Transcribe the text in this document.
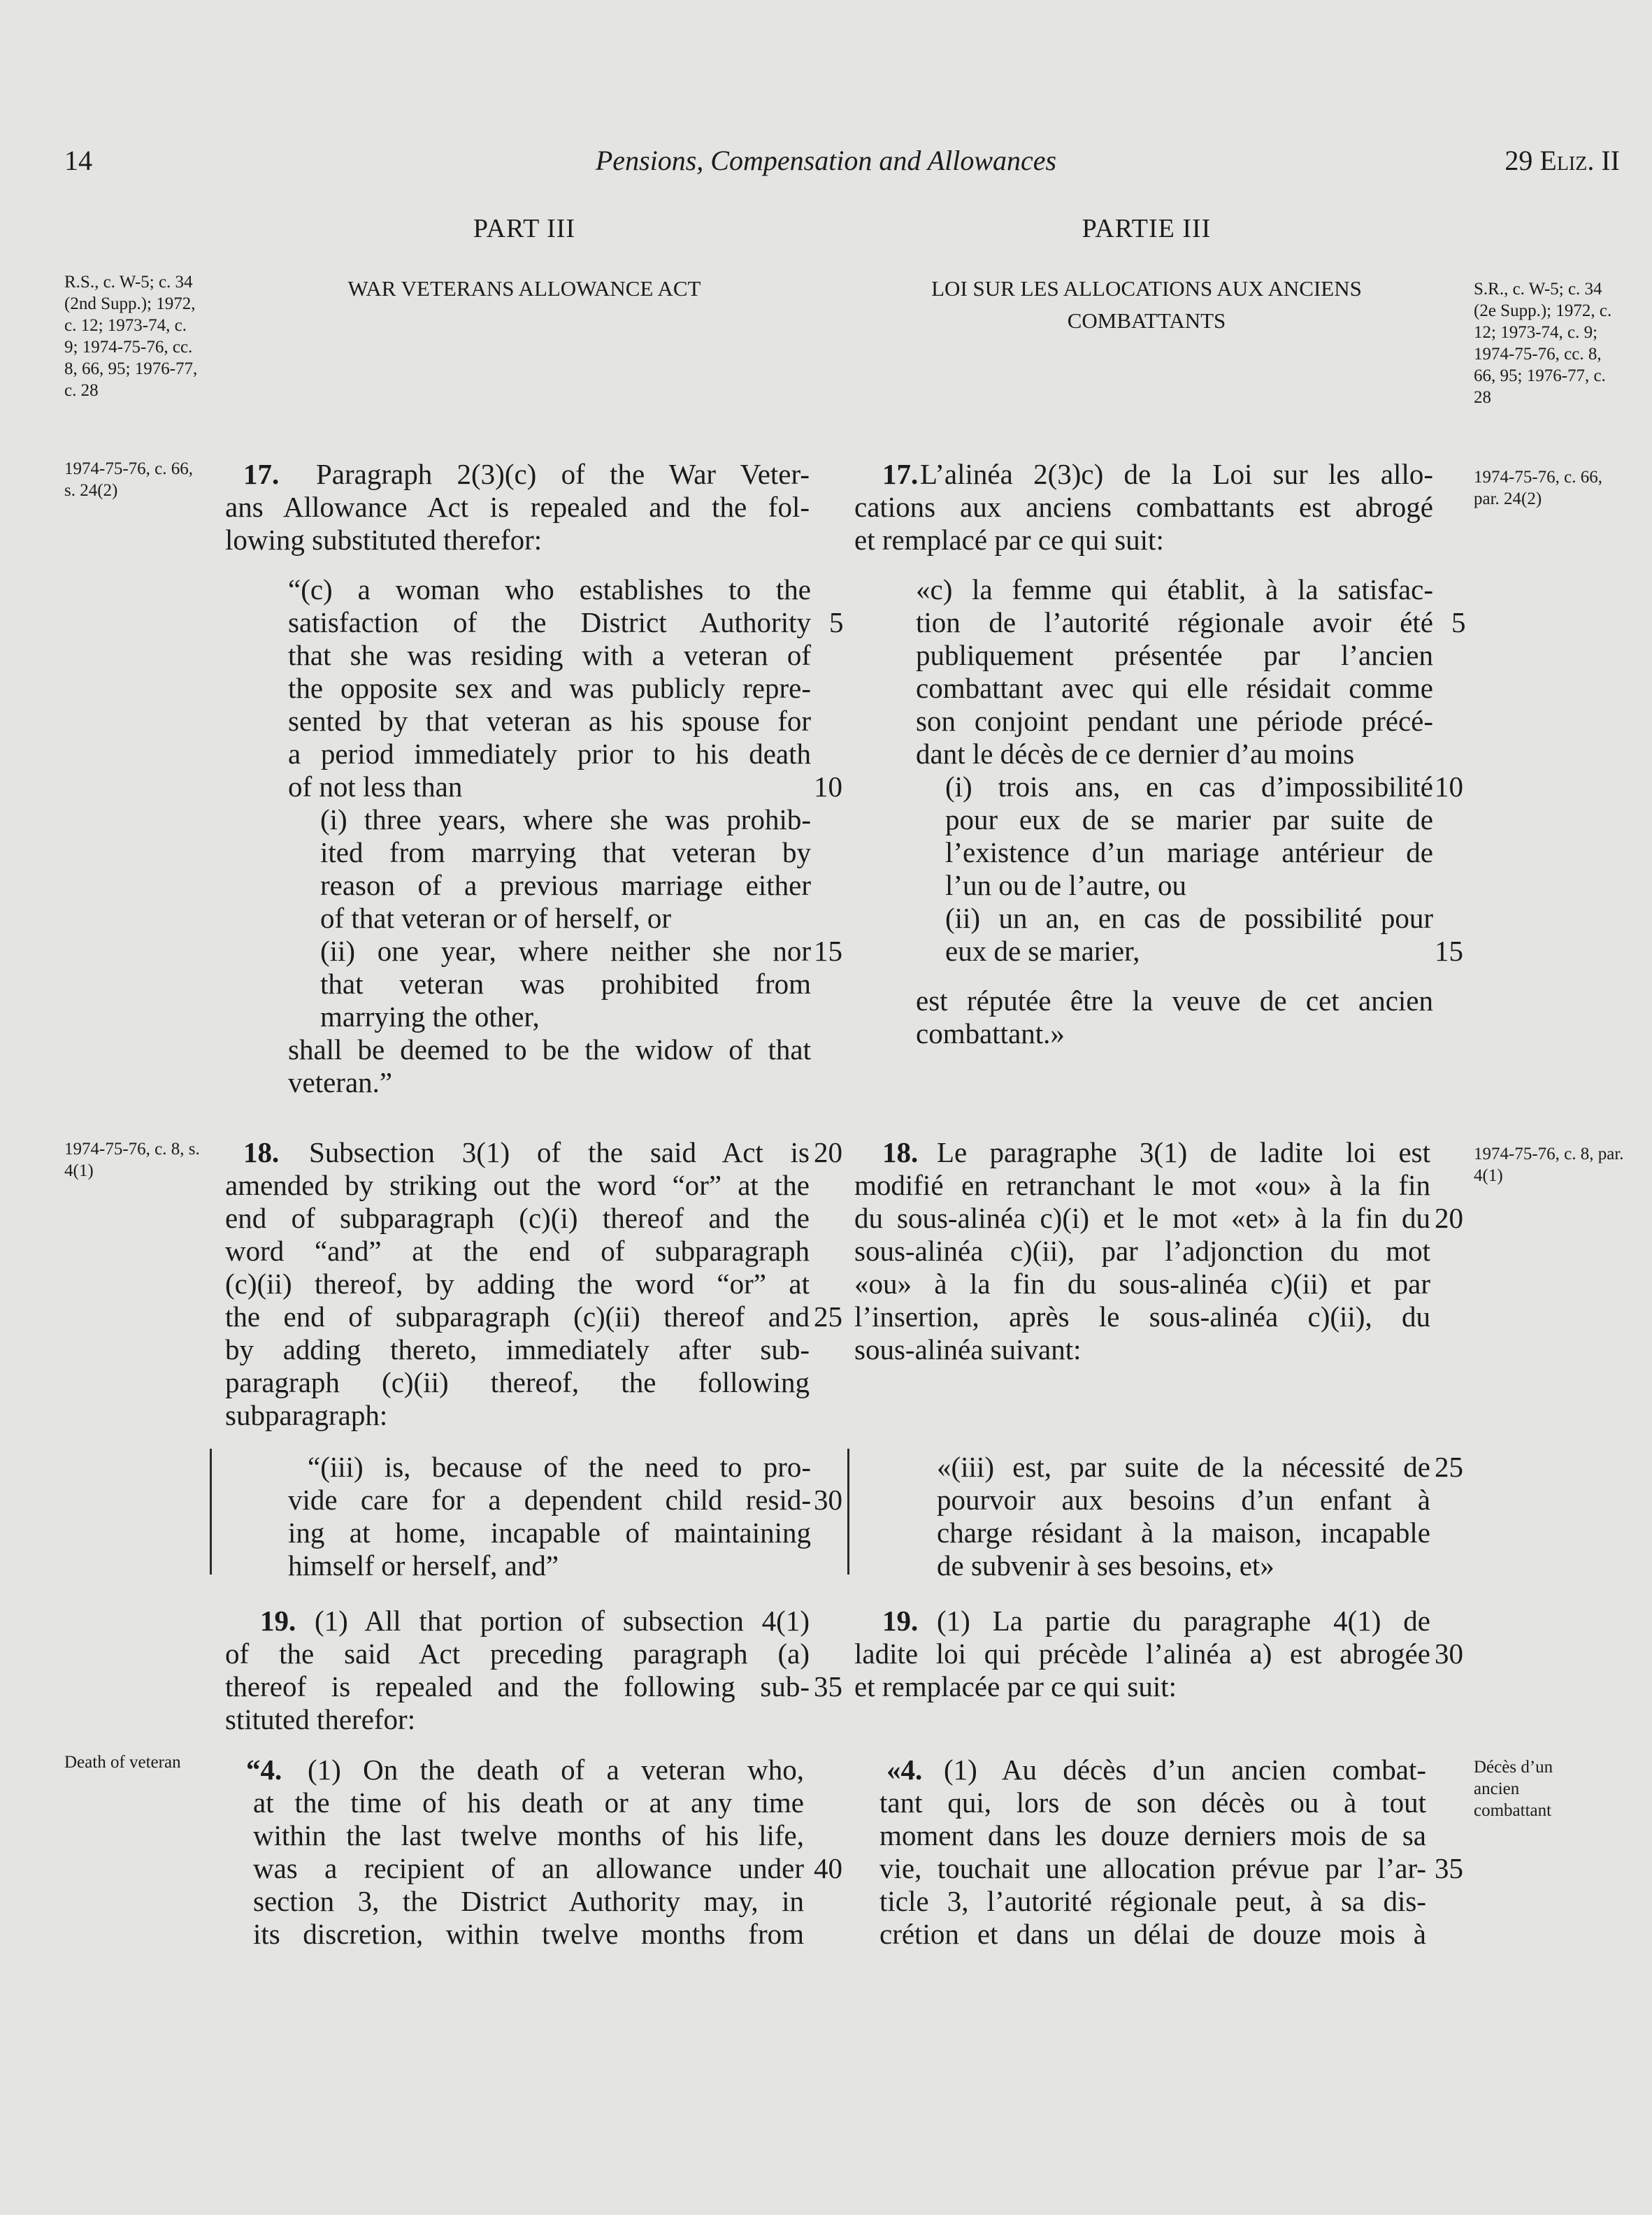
14	Pensions, Compensation and Allowances	29 Eliz. II
PART III
WAR VETERANS ALLOWANCE ACT
R.S., c. W-5; c. 34 (2nd Supp.); 1972, c. 12; 1973-74, c. 9; 1974-75-76, cc. 8, 66, 95; 1976-77, c. 28
1974-75-76, c. 66, s. 24(2)
1974-75-76, c. 8, s. 4(1)
Death of veteran
17. Paragraph 2(3)(c) of the War Veter-
ans Allowance Act is repealed and the fol-
lowing substituted therefor:
“(c) a woman who establishes to the
satisfaction of the District Authority
that she was residing with a veteran of
the opposite sex and was publicly repre-
sented by that veteran as his spouse for
a period immediately prior to his death
of not less than
(i) three years, where she was prohib-
ited from marrying that veteran by
reason of a previous marriage either
of that veteran or of herself, or
(ii) one year, where neither she nor
that veteran was prohibited from
marrying the other,
shall be deemed to be the widow of that
veteran.”
18. Subsection 3(1) of the said Act is
amended by striking out the word “or” at the
end of subparagraph (c)(i) thereof and the
word “and” at the end of subparagraph
(c)(ii) thereof, by adding the word “or” at
the end of subparagraph (c)(ii) thereof and
by adding thereto, immediately after sub-
paragraph (c)(ii) thereof, the following
subparagraph:
“(iii) is, because of the need to pro-
vide care for a dependent child resid-
ing at home, incapable of maintaining
himself or herself, and”
19. (1) All that portion of subsection 4(1)
of the said Act preceding paragraph (a)
thereof is repealed and the following sub-
stituted therefor:
“4. (1) On the death of a veteran who,
at the time of his death or at any time
within the last twelve months of his life,
was a recipient of an allowance under
section 3, the District Authority may, in
its discretion, within twelve months from
5
10
15
20
25
30
35
40
PARTIE III
LOI SUR LES ALLOCATIONS AUX ANCIENS COMBATTANTS
S.R., c. W-5; c. 34 (2e Supp.); 1972, c. 12; 1973-74, c. 9; 1974-75-76, cc. 8, 66, 95; 1976-77, c. 28
1974-75-76, c. 66, par. 24(2)
1974-75-76, c. 8, par. 4(1)
Décès d’un ancien combattant
17. L’alinéa 2(3)c) de la Loi sur les allo-
cations aux anciens combattants est abrogé
et remplacé par ce qui suit:
«c) la femme qui établit, à la satisfac-
tion de l’autorité régionale avoir été
publiquement présentée par l’ancien
combattant avec qui elle résidait comme
son conjoint pendant une période précé-
dant le décès de ce dernier d’au moins
(i) trois ans, en cas d’impossibilité
pour eux de se marier par suite de
l’existence d’un mariage antérieur de
l’un ou de l’autre, ou
(ii) un an, en cas de possibilité pour
eux de se marier,
est réputée être la veuve de cet ancien
combattant.»
18. Le paragraphe 3(1) de ladite loi est
modifié en retranchant le mot «ou» à la fin
du sous-alinéa c)(i) et le mot «et» à la fin du
sous-alinéa c)(ii), par l’adjonction du mot
«ou» à la fin du sous-alinéa c)(ii) et par
l’insertion, après le sous-alinéa c)(ii), du
sous-alinéa suivant:
«(iii) est, par suite de la nécessité de
pourvoir aux besoins d’un enfant à
charge résidant à la maison, incapable
de subvenir à ses besoins, et»
19. (1) La partie du paragraphe 4(1) de
ladite loi qui précède l’alinéa a) est abrogée
et remplacée par ce qui suit:
«4. (1) Au décès d’un ancien combat-
tant qui, lors de son décès ou à tout
moment dans les douze derniers mois de sa
vie, touchait une allocation prévue par l’ar-
ticle 3, l’autorité régionale peut, à sa dis-
crétion et dans un délai de douze mois à
5
10
15
20
25
30
35
